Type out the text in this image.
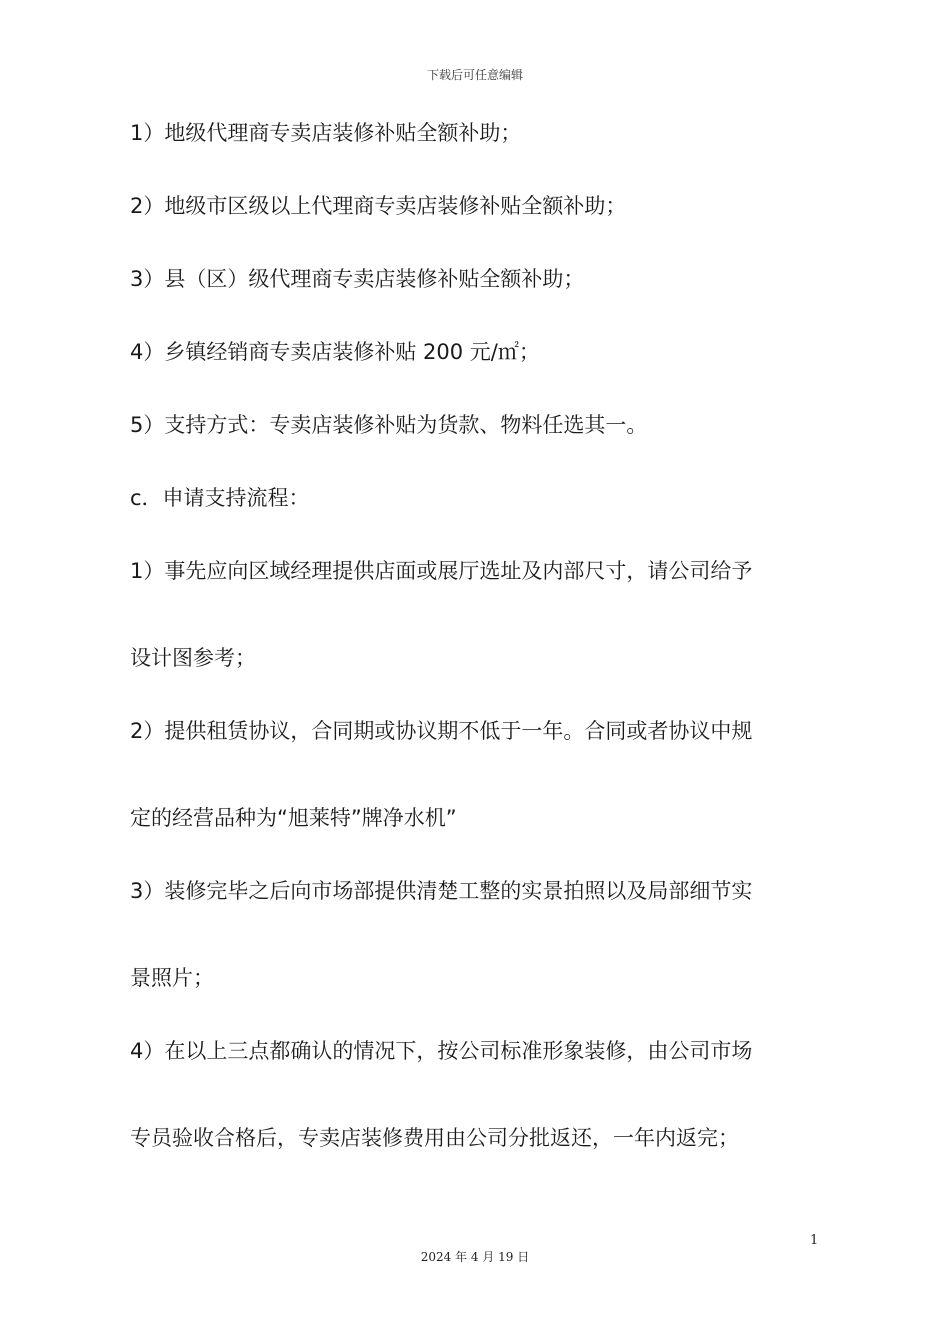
下载后可任意编辑
1）地级代理商专卖店装修补贴全额补助；
2）地级市区级以上代理商专卖店装修补贴全额补助；
3）县（区）级代理商专卖店装修补贴全额补助；
4）乡镇经销商专卖店装修补贴 200 元/㎡；
5）支持方式：专卖店装修补贴为货款、物料任选其一。
c．申请支持流程：
1）事先应向区域经理提供店面或展厅选址及内部尺寸，请公司给予
设计图参考；
2）提供租赁协议，合同期或协议期不低于一年。合同或者协议中规
定的经营品种为“旭莱特”牌净水机”
3）装修完毕之后向市场部提供清楚工整的实景拍照以及局部细节实
景照片；
4）在以上三点都确认的情况下，按公司标准形象装修，由公司市场
专员验收合格后，专卖店装修费用由公司分批返还，一年内返完；
1
2024 年 4 月 19 日
